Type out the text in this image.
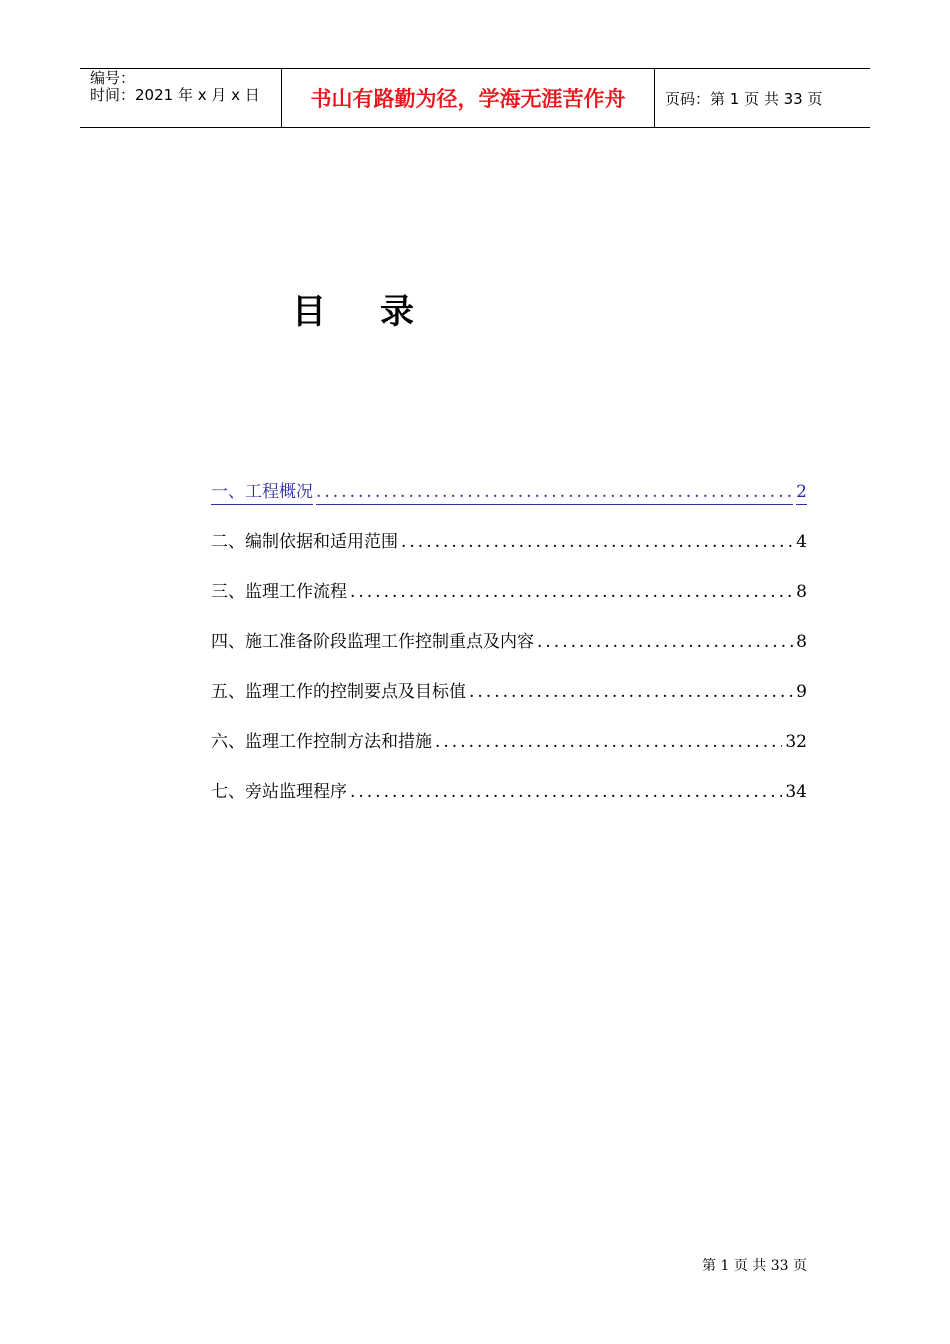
编号：
时间：2021 年 x 月 x 日	书山有路勤为径，学海无涯苦作舟	页码：第 1 页 共 33 页
目 录
一、工程概况 .....	2
二、编制依据和适用范围 .....	4
三、监理工作流程 .....	8
四、施工准备阶段监理工作控制重点及内容 .....	8
五、监理工作的控制要点及目标值 .....	9
六、监理工作控制方法和措施 .....	32
七、旁站监理程序 .....	34
第 1 页 共 33 页
